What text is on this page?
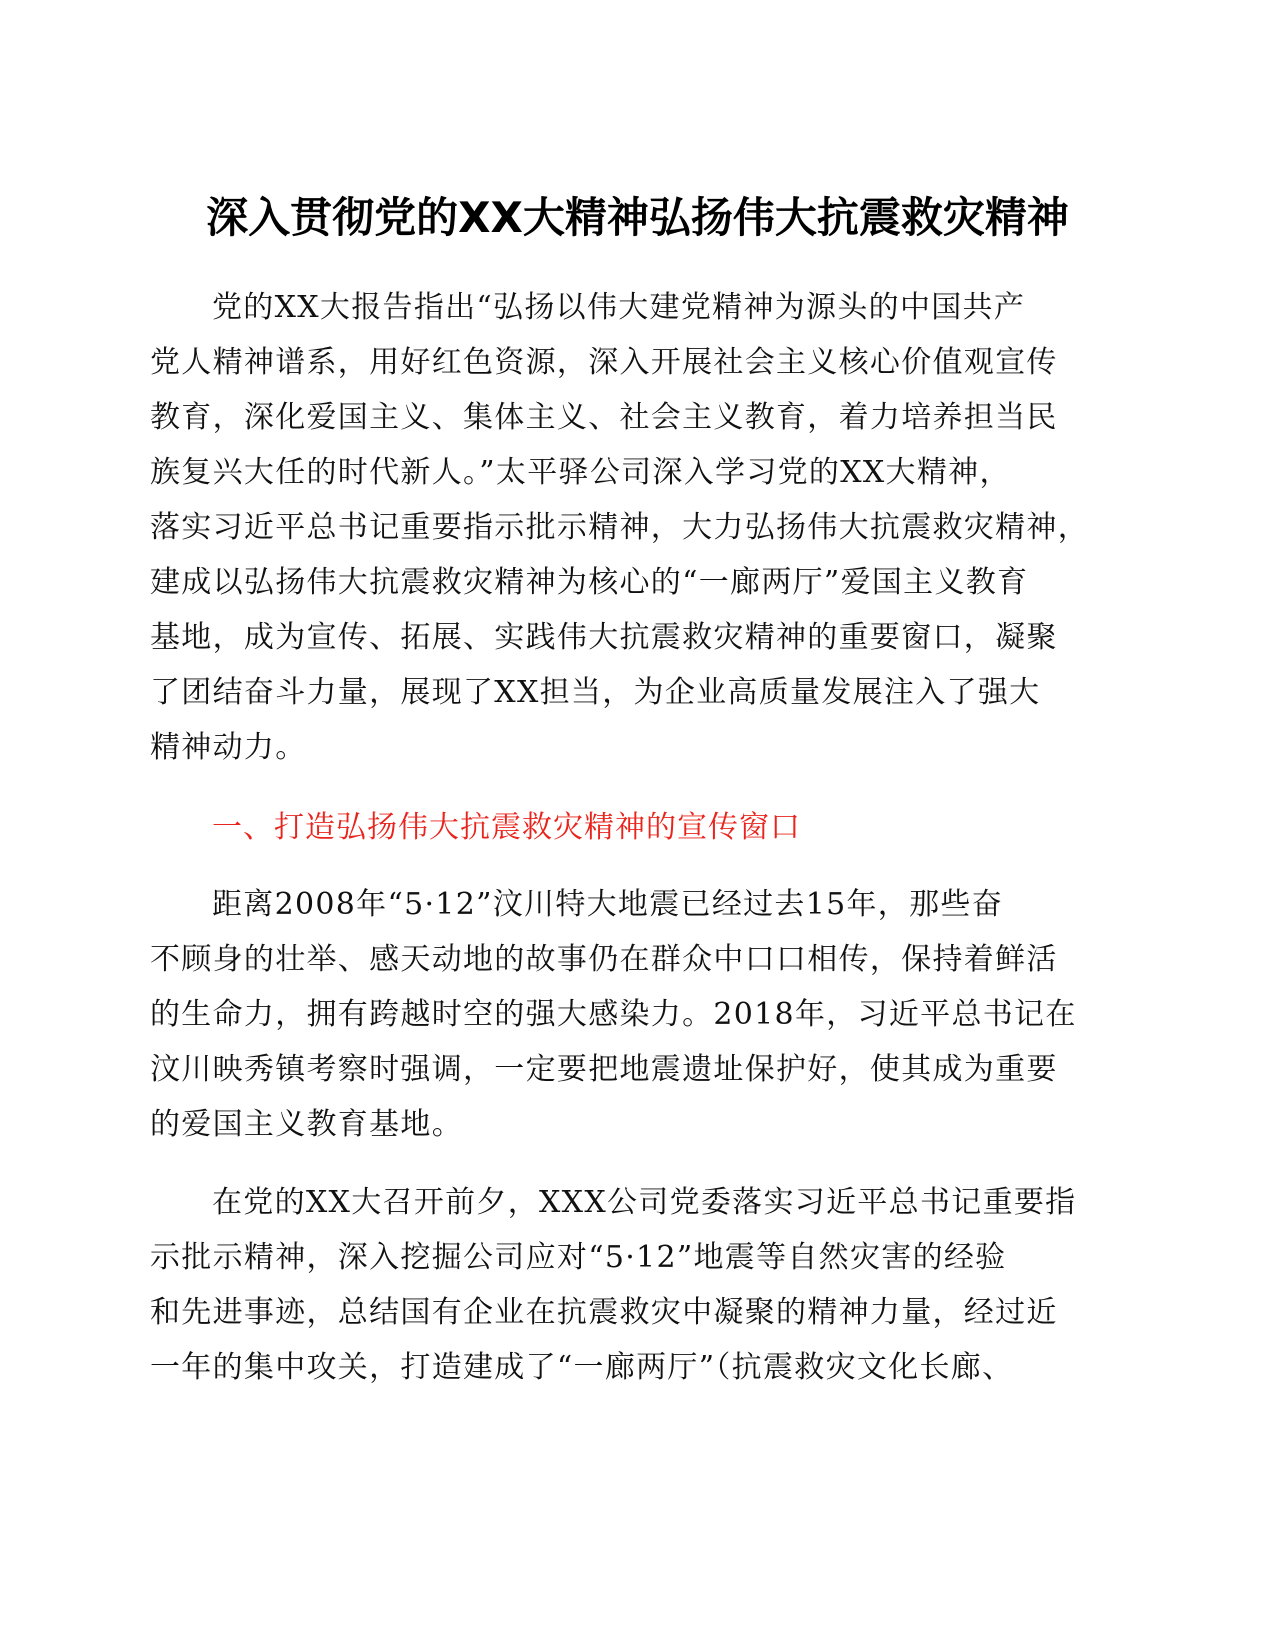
深入贯彻党的XX大精神弘扬伟大抗震救灾精神
党的XX大报告指出“弘扬以伟大建党精神为源头的中国共产
党人精神谱系，用好红色资源，深入开展社会主义核心价值观宣传
教育，深化爱国主义、集体主义、社会主义教育，着力培养担当民
族复兴大任的时代新人。”太平驿公司深入学习党的XX大精神，
落实习近平总书记重要指示批示精神，大力弘扬伟大抗震救灾精神，
建成以弘扬伟大抗震救灾精神为核心的“一廊两厅”爱国主义教育
基地，成为宣传、拓展、实践伟大抗震救灾精神的重要窗口，凝聚
了团结奋斗力量，展现了XX担当，为企业高质量发展注入了强大
精神动力。
一、打造弘扬伟大抗震救灾精神的宣传窗口
距离2008年“5·12”汶川特大地震已经过去15年，那些奋
不顾身的壮举、感天动地的故事仍在群众中口口相传，保持着鲜活
的生命力，拥有跨越时空的强大感染力。2018年，习近平总书记在
汶川映秀镇考察时强调，一定要把地震遗址保护好，使其成为重要
的爱国主义教育基地。
在党的XX大召开前夕，XXX公司党委落实习近平总书记重要指
示批示精神，深入挖掘公司应对“5·12”地震等自然灾害的经验
和先进事迹，总结国有企业在抗震救灾中凝聚的精神力量，经过近
一年的集中攻关，打造建成了“一廊两厅”（抗震救灾文化长廊、
